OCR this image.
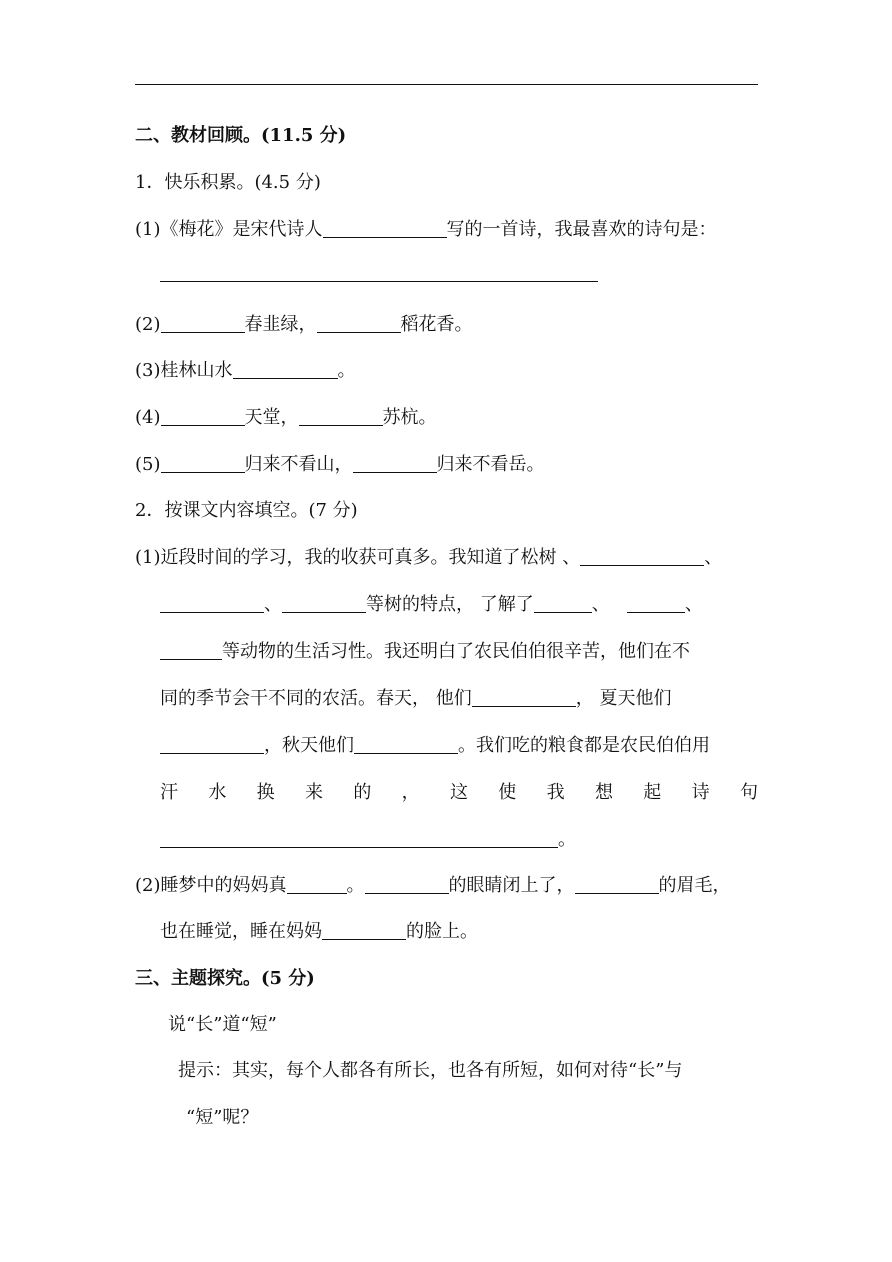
二、教材回顾。(11.5 分)
1．快乐积累。(4.5 分)
(1)《梅花》是宋代诗人	写的一首诗，我最喜欢的诗句是：
(2)	春韭绿，	稻花香。
(3)桂林山水	。
(4)	天堂，	苏杭。
(5)	归来不看山，	归来不看岳。
2．按课文内容填空。(7 分)
(1)近段时间的学习，我的收获可真多。我知道了松树 、	、
、	等树的特点， 了解了	、	、
等动物的生活习性。我还明白了农民伯伯很辛苦，他们在不
同的季节会干不同的农活。春天， 他们	， 夏天他们
，秋天他们	。我们吃的粮食都是农民伯伯用
汗 水 换 来 的 ， 这 使 我 想 起 诗 句
。
(2)睡梦中的妈妈真	。	的眼睛闭上了，	的眉毛，
也在睡觉，睡在妈妈	的脸上。
三、主题探究。(5 分)
说“长”道“短”
提示：其实，每个人都各有所长，也各有所短，如何对待“长”与
“短”呢？
